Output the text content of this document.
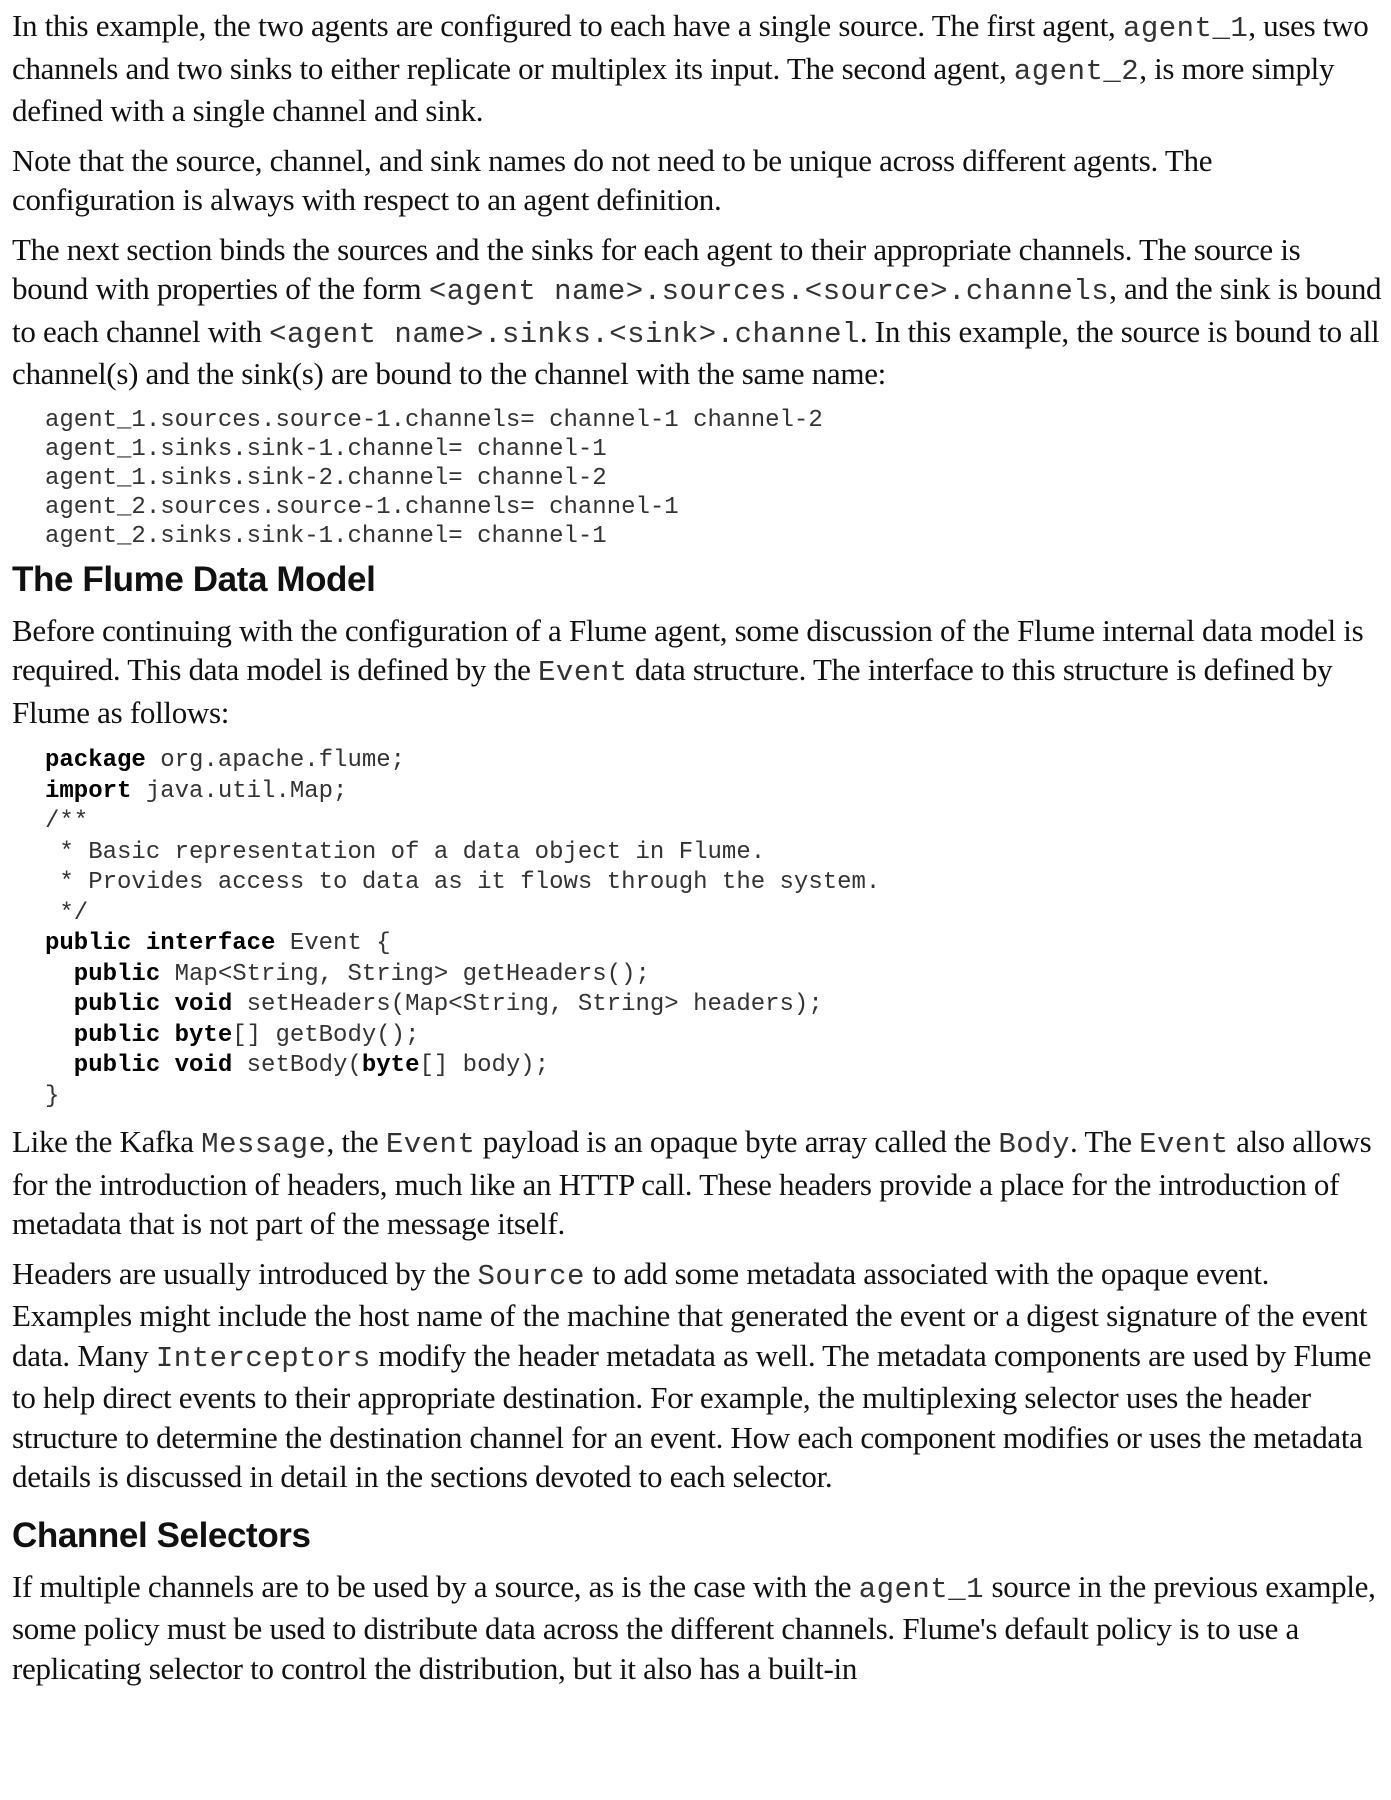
In this example, the two agents are configured to each have a single source. The first agent, agent_1, uses two channels and two sinks to either replicate or multiplex its input. The second agent, agent_2, is more simply defined with a single channel and sink.

Note that the source, channel, and sink names do not need to be unique across different agents. The configuration is always with respect to an agent definition.

The next section binds the sources and the sinks for each agent to their appropriate channels. The source is bound with properties of the form <agent name>.sources.<source>.channels, and the sink is bound to each channel with <agent name>.sinks.<sink>.channel. In this example, the source is bound to all channel(s) and the sink(s) are bound to the channel with the same name:

agent_1.sources.source-1.channels= channel-1 channel-2
agent_1.sinks.sink-1.channel= channel-1
agent_1.sinks.sink-2.channel= channel-2
agent_2.sources.source-1.channels= channel-1
agent_2.sinks.sink-1.channel= channel-1
The Flume Data Model

Before continuing with the configuration of a Flume agent, some discussion of the Flume internal data model is required. This data model is defined by the Event data structure. The interface to this structure is defined by Flume as follows:

package org.apache.flume;
import java.util.Map;
/**
* Basic representation of a data object in Flume.
* Provides access to data as it flows through the system.
*/
public interface Event {
public Map<String, String> getHeaders();
public void setHeaders(Map<String, String> headers);
public byte[] getBody();
public void setBody(byte[] body);
}

Like the Kafka Message, the Event payload is an opaque byte array called the Body. The Event also allows for the introduction of headers, much like an HTTP call. These headers provide a place for the introduction of metadata that is not part of the message itself.

Headers are usually introduced by the Source to add some metadata associated with the opaque event. Examples might include the host name of the machine that generated the event or a digest signature of the event data. Many Interceptors modify the header metadata as well. The metadata components are used by Flume to help direct events to their appropriate destination. For example, the multiplexing selector uses the header structure to determine the destination channel for an event. How each component modifies or uses the metadata details is discussed in detail in the sections devoted to each selector.

Channel Selectors

If multiple channels are to be used by a source, as is the case with the agent_1 source in the previous example, some policy must be used to distribute data across the different channels. Flume's default policy is to use a replicating selector to control the distribution, but it also has a built-in
